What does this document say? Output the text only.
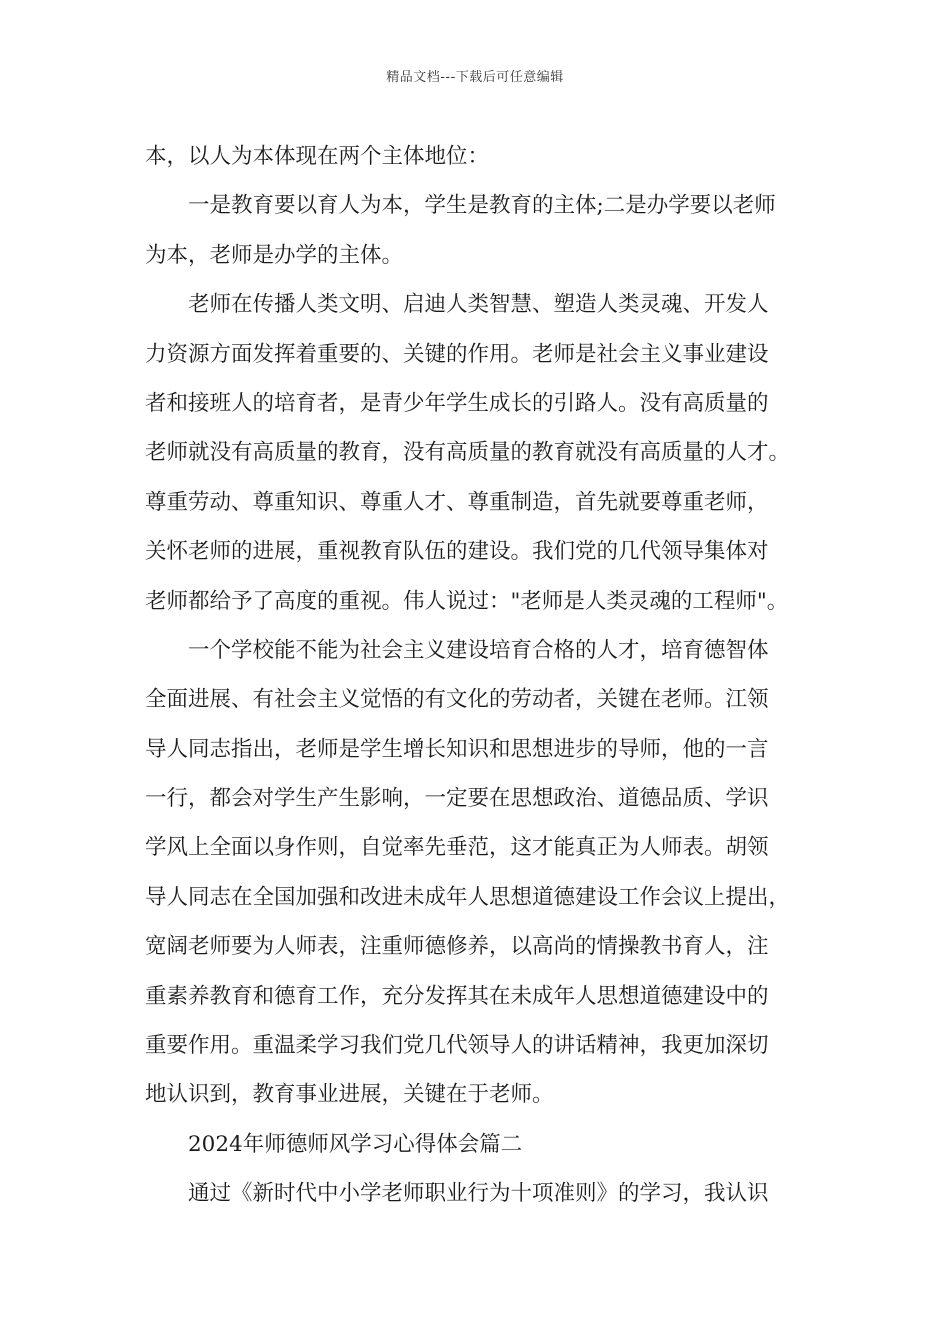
精品文档---下载后可任意编辑
本，以人为本体现在两个主体地位：
一是教育要以育人为本，学生是教育的主体;二是办学要以老师
为本，老师是办学的主体。
老师在传播人类文明、启迪人类智慧、塑造人类灵魂、开发人
力资源方面发挥着重要的、关键的作用。老师是社会主义事业建设
者和接班人的培育者，是青少年学生成长的引路人。没有高质量的
老师就没有高质量的教育，没有高质量的教育就没有高质量的人才。
尊重劳动、尊重知识、尊重人才、尊重制造，首先就要尊重老师，
关怀老师的进展，重视教育队伍的建设。我们党的几代领导集体对
老师都给予了高度的重视。伟人说过："老师是人类灵魂的工程师"。
一个学校能不能为社会主义建设培育合格的人才，培育德智体
全面进展、有社会主义觉悟的有文化的劳动者，关键在老师。江领
导人同志指出，老师是学生增长知识和思想进步的导师，他的一言
一行，都会对学生产生影响，一定要在思想政治、道德品质、学识
学风上全面以身作则，自觉率先垂范，这才能真正为人师表。胡领
导人同志在全国加强和改进未成年人思想道德建设工作会议上提出，
宽阔老师要为人师表，注重师德修养，以高尚的情操教书育人，注
重素养教育和德育工作，充分发挥其在未成年人思想道德建设中的
重要作用。重温柔学习我们党几代领导人的讲话精神，我更加深切
地认识到，教育事业进展，关键在于老师。
2024年师德师风学习心得体会篇二
通过《新时代中小学老师职业行为十项准则》的学习，我认识
